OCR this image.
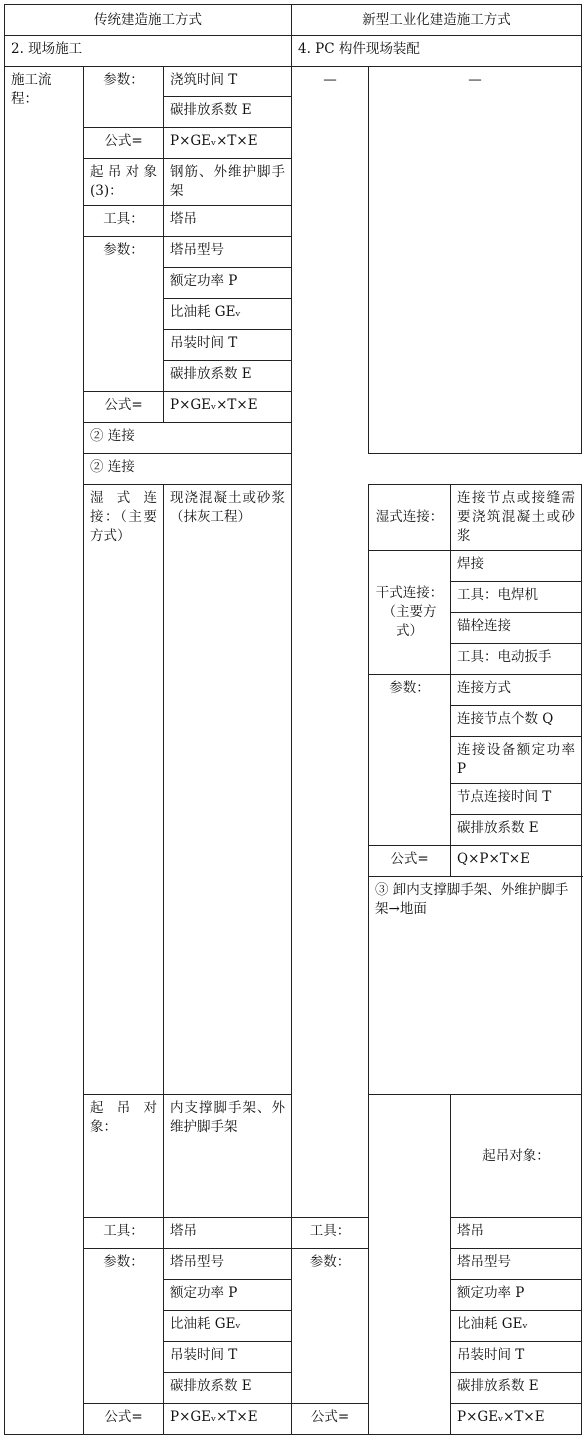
传统建造施工方式			新型工业化建造施工方式			
2. 现场施工			4. PC 构件现场装配			
施工流程：	参数：	浇筑时间 T	—	—		
		碳排放系数 E				
	公式=	P×GEᵥ×T×E				
	起吊对象(3)：	钢筋、外维护脚手架				
	工具：	塔吊				
	参数：	塔吊型号				
		额定功率 P				
		比油耗 GEᵥ				
		吊装时间 T				
		碳排放系数 E				
	公式=	P×GEᵥ×T×E				
	② 连接					
	② 连接					
	湿式连接：（主要方式）	现浇混凝土或砂浆（抹灰工程）		湿式连接：	连接节点或接缝需要浇筑混凝土或砂浆	
				干式连接：（主要方式）	焊接	
					工具：电焊机	
					锚栓连接	
					工具：电动扳手	
				参数：	连接方式	
					连接节点个数 Q	
					连接设备额定功率 P	
					节点连接时间 T	
					碳排放系数 E	
				公式=	Q×P×T×E	
				③ 卸内支撑脚手架、外维护脚手架→地面	
	起吊对象：	内支撑脚手架、外维护脚手架			起吊对象：	
	工具：	塔吊	工具：		塔吊	
	参数：	塔吊型号	参数：		塔吊型号	
		额定功率 P			额定功率 P	
		比油耗 GEᵥ			比油耗 GEᵥ	
		吊装时间 T			吊装时间 T	
		碳排放系数 E			碳排放系数 E	
	公式=	P×GEᵥ×T×E	公式=		P×GEᵥ×T×E	
